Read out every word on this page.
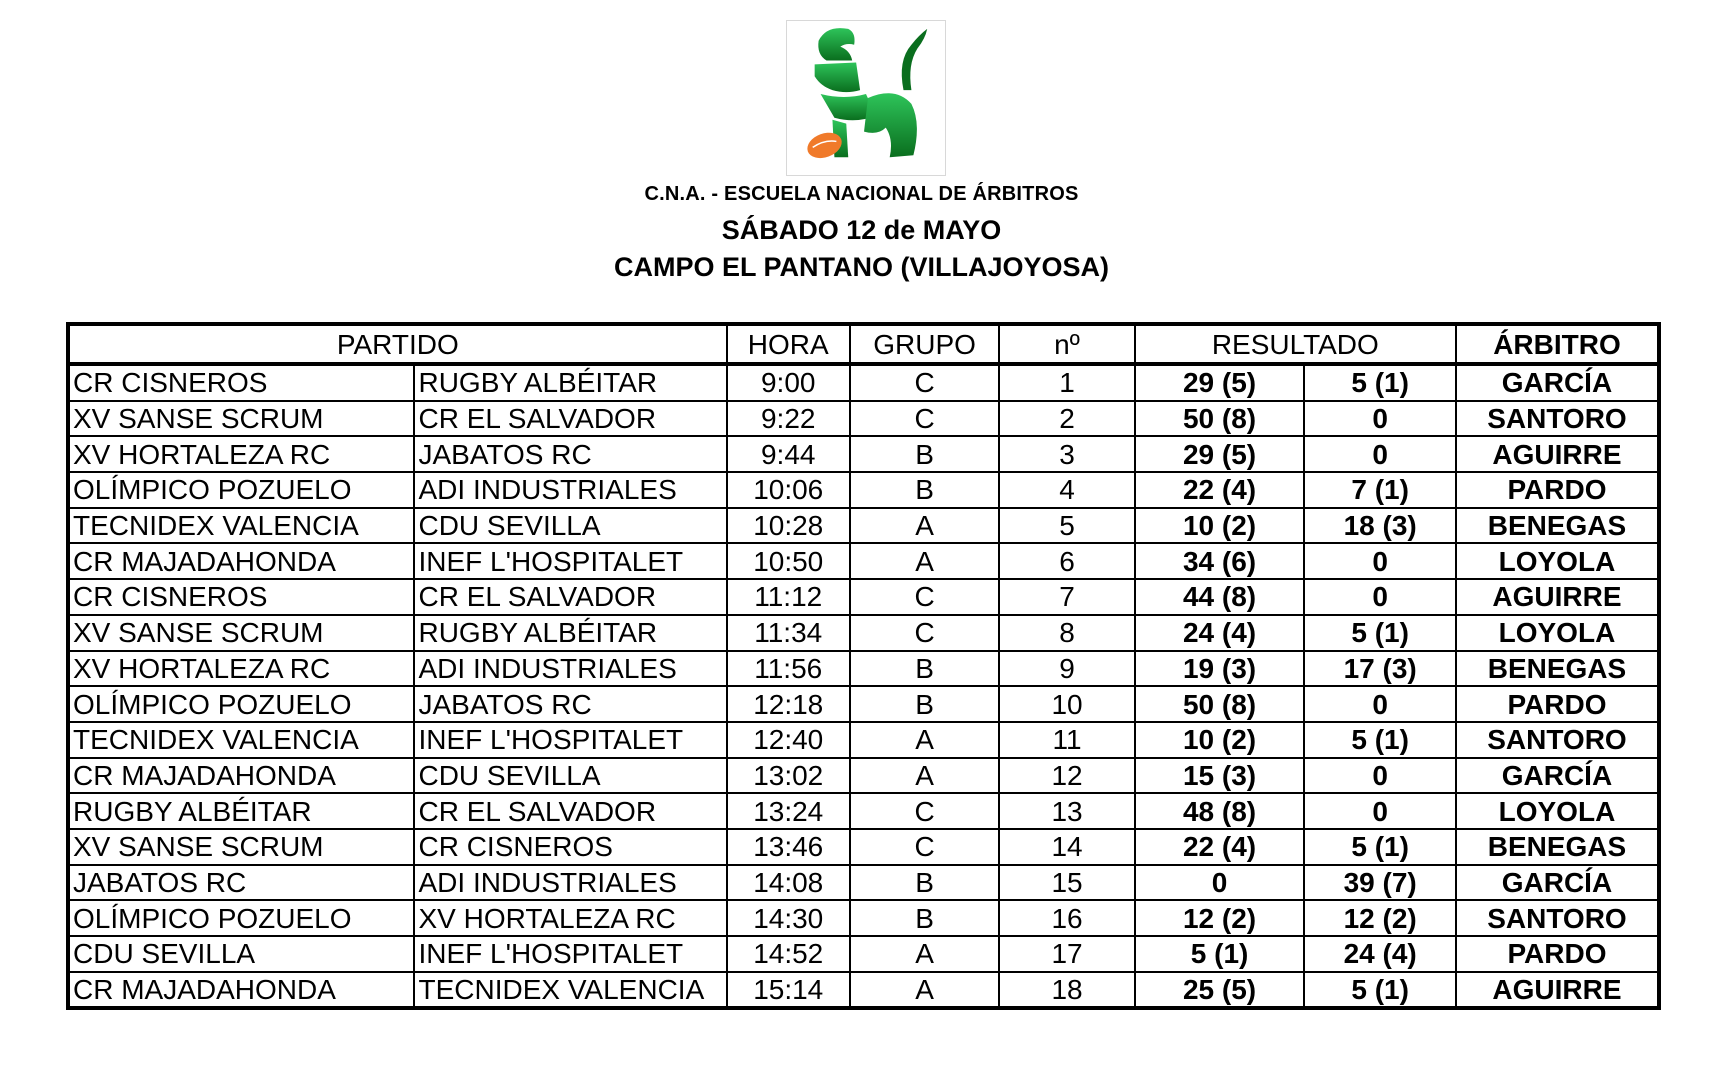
C.N.A. - ESCUELA NACIONAL DE ÁRBITROS
SÁBADO 12 de MAYO
CAMPO EL PANTANO (VILLAJOYOSA)
PARTIDO		HORA	GRUPO	nº	RESULTADO		ÁRBITRO
CR CISNEROS	RUGBY ALBÉITAR	9:00	C	1	29 (5)	5 (1)	GARCÍA
XV SANSE SCRUM	CR EL SALVADOR	9:22	C	2	50 (8)	0	SANTORO
XV HORTALEZA RC	JABATOS RC	9:44	B	3	29 (5)	0	AGUIRRE
OLÍMPICO POZUELO	ADI INDUSTRIALES	10:06	B	4	22 (4)	7 (1)	PARDO
TECNIDEX VALENCIA	CDU SEVILLA	10:28	A	5	10 (2)	18 (3)	BENEGAS
CR MAJADAHONDA	INEF L'HOSPITALET	10:50	A	6	34 (6)	0	LOYOLA
CR CISNEROS	CR EL SALVADOR	11:12	C	7	44 (8)	0	AGUIRRE
XV SANSE SCRUM	RUGBY ALBÉITAR	11:34	C	8	24 (4)	5 (1)	LOYOLA
XV HORTALEZA RC	ADI INDUSTRIALES	11:56	B	9	19 (3)	17 (3)	BENEGAS
OLÍMPICO POZUELO	JABATOS RC	12:18	B	10	50 (8)	0	PARDO
TECNIDEX VALENCIA	INEF L'HOSPITALET	12:40	A	11	10 (2)	5 (1)	SANTORO
CR MAJADAHONDA	CDU SEVILLA	13:02	A	12	15 (3)	0	GARCÍA
RUGBY ALBÉITAR	CR EL SALVADOR	13:24	C	13	48 (8)	0	LOYOLA
XV SANSE SCRUM	CR CISNEROS	13:46	C	14	22 (4)	5 (1)	BENEGAS
JABATOS RC	ADI INDUSTRIALES	14:08	B	15	0	39 (7)	GARCÍA
OLÍMPICO POZUELO	XV HORTALEZA RC	14:30	B	16	12 (2)	12 (2)	SANTORO
CDU SEVILLA	INEF L'HOSPITALET	14:52	A	17	5 (1)	24 (4)	PARDO
CR MAJADAHONDA	TECNIDEX VALENCIA	15:14	A	18	25 (5)	5 (1)	AGUIRRE
